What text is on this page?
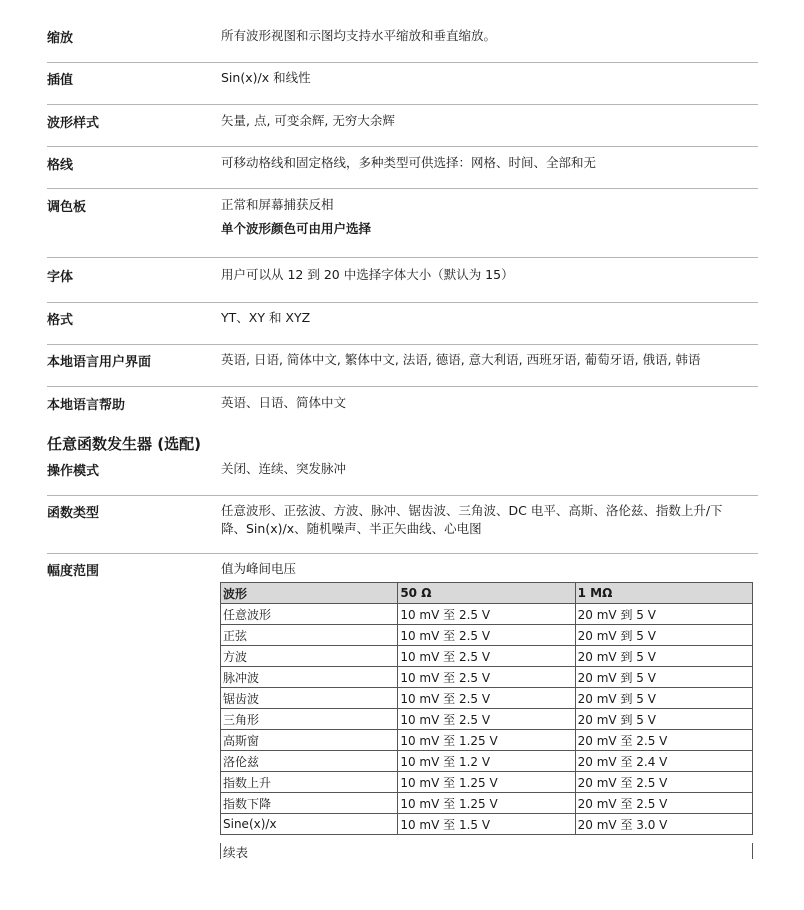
缩放	所有波形视图和示图均支持水平缩放和垂直缩放。
插值	Sin(x)/x 和线性
波形样式	矢量, 点, 可变余辉, 无穷大余辉
格线	可移动格线和固定格线，多种类型可供选择：网格、时间、全部和无
调色板	正常和屏幕捕获反相
单个波形颜色可由用户选择
字体	用户可以从 12 到 20 中选择字体大小（默认为 15）
格式	YT、XY 和 XYZ
本地语言用户界面	英语, 日语, 简体中文, 繁体中文, 法语, 德语, 意大利语, 西班牙语, 葡萄牙语, 俄语, 韩语
本地语言帮助	英语、日语、简体中文
任意函数发生器 (选配)
操作模式	关闭、连续、突发脉冲
函数类型	任意波形、正弦波、方波、脉冲、锯齿波、三角波、DC 电平、高斯、洛伦兹、指数上升/下
降、Sin(x)/x、随机噪声、半正矢曲线、心电图
幅度范围	值为峰间电压
波形	50 Ω	1 MΩ
任意波形	10 mV 至 2.5 V	20 mV 到 5 V
正弦	10 mV 至 2.5 V	20 mV 到 5 V
方波	10 mV 至 2.5 V	20 mV 到 5 V
脉冲波	10 mV 至 2.5 V	20 mV 到 5 V
锯齿波	10 mV 至 2.5 V	20 mV 到 5 V
三角形	10 mV 至 2.5 V	20 mV 到 5 V
高斯窗	10 mV 至 1.25 V	20 mV 至 2.5 V
洛伦兹	10 mV 至 1.2 V	20 mV 至 2.4 V
指数上升	10 mV 至 1.25 V	20 mV 至 2.5 V
指数下降	10 mV 至 1.25 V	20 mV 至 2.5 V
Sine(x)/x	10 mV 至 1.5 V	20 mV 至 3.0 V
续表
